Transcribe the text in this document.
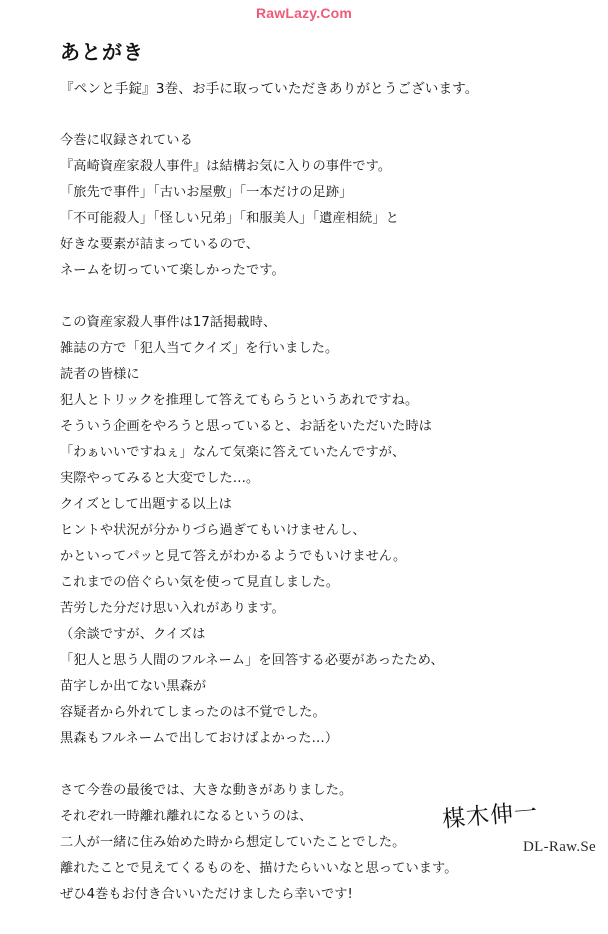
RawLazy.Com
あとがき

『ペンと手錠』3巻、お手に取っていただきありがとうございます。

今巻に収録されている
『高崎資産家殺人事件』は結構お気に入りの事件です。
「旅先で事件」「古いお屋敷」「一本だけの足跡」
「不可能殺人」「怪しい兄弟」「和服美人」「遺産相続」と
好きな要素が詰まっているので、
ネームを切っていて楽しかったです。

この資産家殺人事件は17話掲載時、
雑誌の方で「犯人当てクイズ」を行いました。
読者の皆様に
犯人とトリックを推理して答えてもらうというあれですね。
そういう企画をやろうと思っていると、お話をいただいた時は
「わぁいいですねぇ」なんて気楽に答えていたんですが、
実際やってみると大変でした…。
クイズとして出題する以上は
ヒントや状況が分かりづら過ぎてもいけませんし、
かといってパッと見て答えがわかるようでもいけません。
これまでの倍ぐらい気を使って見直しました。
苦労した分だけ思い入れがあります。
（余談ですが、クイズは
「犯人と思う人間のフルネーム」を回答する必要があったため、
苗字しか出てない黒森が
容疑者から外れてしまったのは不覚でした。
黒森もフルネームで出しておけばよかった…）

さて今巻の最後では、大きな動きがありました。
それぞれ一時離れ離れになるというのは、
二人が一緒に住み始めた時から想定していたことでした。
離れたことで見えてくるものを、描けたらいいなと思っています。
ぜひ4巻もお付き合いいただけましたら幸いです!

楳木伸一
DL-Raw.Se
